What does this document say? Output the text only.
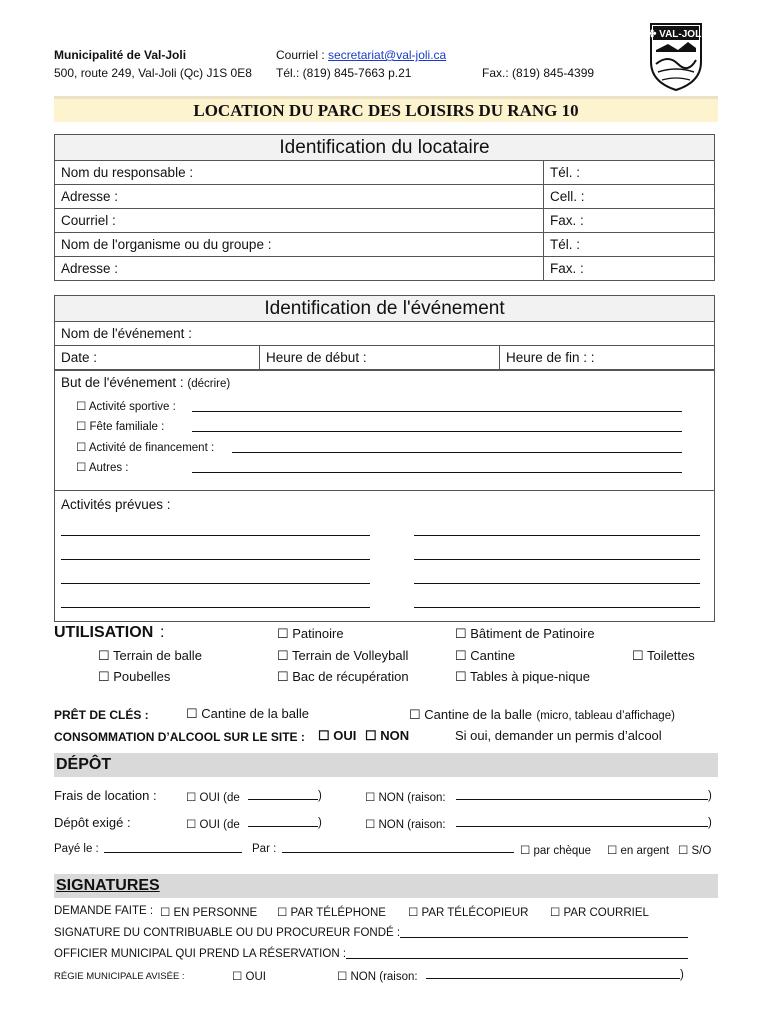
Municipalité de Val-Joli
500, route 249, Val-Joli (Qc) J1S 0E8
Courriel : secretariat@val-joli.ca
Tél.: (819) 845-7663 p.21	Fax.: (819) 845-4399
✤ VAL-JOLI
LOCATION DU PARC DES LOISIRS DU RANG 10
Identification du locataire	
Nom du responsable :	Tél. :
Adresse :	Cell. :
Courriel :	Fax. :
Nom de l'organisme ou du groupe :	Tél. :
Adresse :	Fax. :
Identification de l'événement
Nom de l'événement :
Date :	Heure de début :	Heure de fin : :
But de l'événement : (décrire)
☐ Activité sportive :
☐ Fête familiale :
☐ Activité de financement :
☐ Autres :
Activités prévues :
UTILISATION :	☐ Patinoire	☐ Bâtiment de Patinoire
☐ Terrain de balle	☐ Terrain de Volleyball	☐ Cantine	☐ Toilettes
☐ Poubelles	☐ Bac de récupération	☐ Tables à pique-nique
PRÊT DE CLÉS :	☐ Cantine de la balle	☐ Cantine de la balle (micro, tableau d’affichage)
CONSOMMATION D’ALCOOL SUR LE SITE : ☐ OUI ☐ NON	Si oui, demander un permis d’alcool
DÉPÔT
Frais de location :	☐ OUI (de	)	☐ NON (raison:	)
Dépôt exigé :	☐ OUI (de	)	☐ NON (raison:	)
Payé le :	Par :	☐ par chèque ☐ en argent ☐ S/O
SIGNATURES
DEMANDE FAITE : ☐ EN PERSONNE ☐ PAR TÉLÉPHONE ☐ PAR TÉLÉCOPIEUR ☐ PAR COURRIEL
SIGNATURE DU CONTRIBUABLE OU DU PROCUREUR FONDÉ :
OFFICIER MUNICIPAL QUI PREND LA RÉSERVATION :
RÉGIE MUNICIPALE AVISÉE :	☐ OUI	☐ NON (raison:	)
